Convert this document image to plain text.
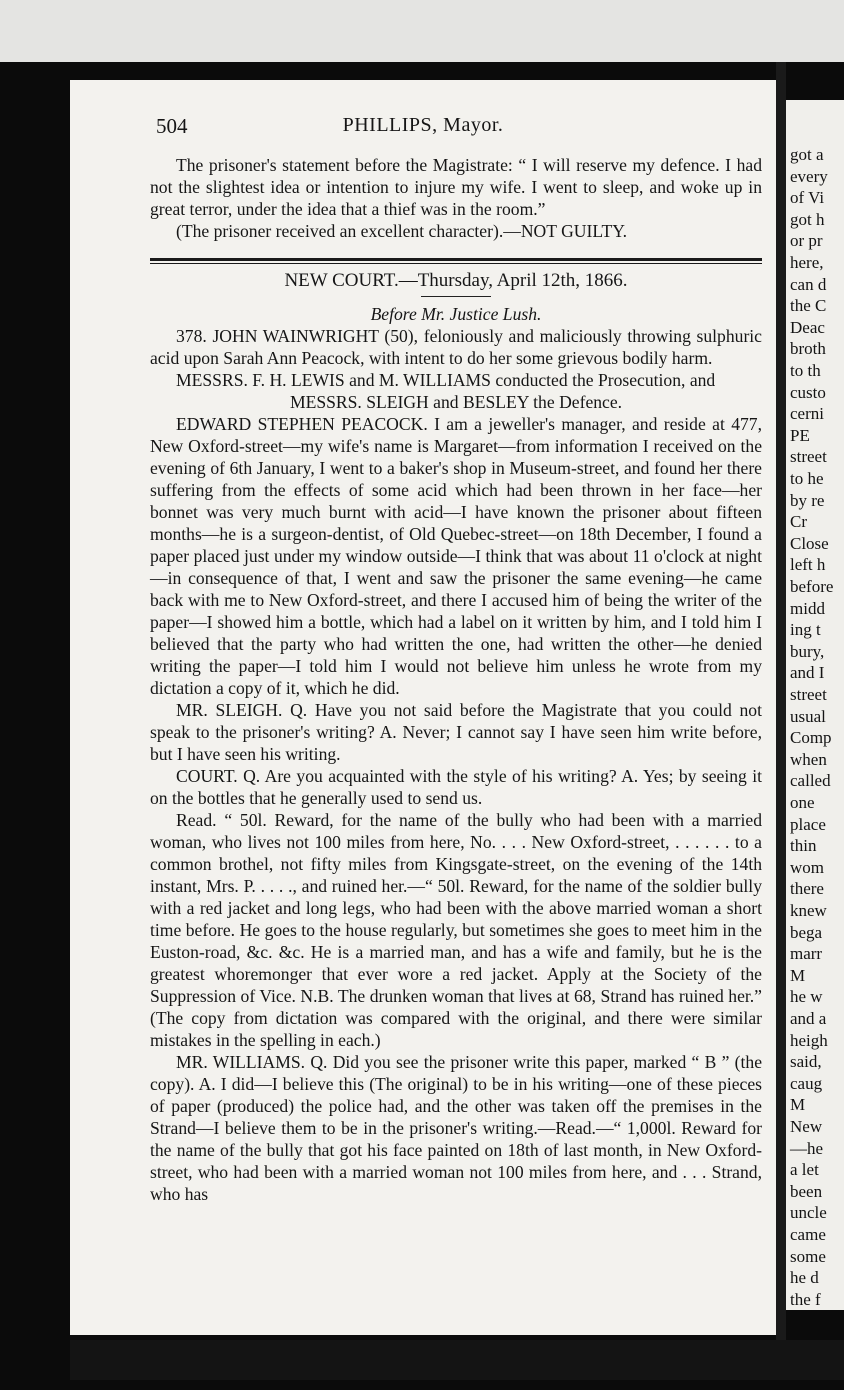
504	PHILLIPS, Mayor.

The prisoner's statement before the Magistrate: “ I will reserve my defence. I had not the slightest idea or intention to injure my wife. I went to sleep, and woke up in great terror, under the idea that a thief was in the room.”

(The prisoner received an excellent character).—NOT GUILTY.

NEW COURT.—Thursday, April 12th, 1866.

Before Mr. Justice Lush.

378. JOHN WAINWRIGHT (50), feloniously and maliciously throwing sulphuric acid upon Sarah Ann Peacock, with intent to do her some grievous bodily harm.

MESSRS. F. H. LEWIS and M. WILLIAMS conducted the Prosecution, and

MESSRS. SLEIGH and BESLEY the Defence.

EDWARD STEPHEN PEACOCK. I am a jeweller's manager, and reside at 477, New Oxford-street—my wife's name is Margaret—from information I received on the evening of 6th January, I went to a baker's shop in Museum-street, and found her there suffering from the effects of some acid which had been thrown in her face—her bonnet was very much burnt with acid—I have known the prisoner about fifteen months—he is a surgeon-dentist, of Old Quebec-street—on 18th December, I found a paper placed just under my window outside—I think that was about 11 o'clock at night—in consequence of that, I went and saw the prisoner the same evening—he came back with me to New Oxford-street, and there I accused him of being the writer of the paper—I showed him a bottle, which had a label on it written by him, and I told him I believed that the party who had written the one, had written the other—he denied writing the paper—I told him I would not believe him unless he wrote from my dictation a copy of it, which he did.

MR. SLEIGH. Q. Have you not said before the Magistrate that you could not speak to the prisoner's writing? A. Never; I cannot say I have seen him write before, but I have seen his writing.

COURT. Q. Are you acquainted with the style of his writing? A. Yes; by seeing it on the bottles that he generally used to send us.

Read. “ 50l. Reward, for the name of the bully who had been with a married woman, who lives not 100 miles from here, No. . . . New Oxford-street, . . . . . . to a common brothel, not fifty miles from Kingsgate-street, on the evening of the 14th instant, Mrs. P. . . . ., and ruined her.—“ 50l. Reward, for the name of the soldier bully with a red jacket and long legs, who had been with the above married woman a short time before. He goes to the house regularly, but sometimes she goes to meet him in the Euston-road, &c. &c. He is a married man, and has a wife and family, but he is the greatest whoremonger that ever wore a red jacket. Apply at the Society of the Suppression of Vice. N.B. The drunken woman that lives at 68, Strand has ruined her.” (The copy from dictation was compared with the original, and there were similar mistakes in the spelling in each.)

MR. WILLIAMS. Q. Did you see the prisoner write this paper, marked “ B ” (the copy). A. I did—I believe this (The original) to be in his writing—one of these pieces of paper (produced) the police had, and the other was taken off the premises in the Strand—I believe them to be in the prisoner's writing.—Read.—“ 1,000l. Reward for the name of the bully that got his face painted on 18th of last month, in New Oxford-street, who had been with a married woman not 100 miles from here, and . . . Strand, who has

got a
every
of Vi
got h
or pr
here,
can d
the C
Deac
broth
to th
custo
cerni
PE
street
to he
by re
Cr
Close
left h
before
midd
ing t
bury,
and I
street
usual
Comp
when
called
one
place
thin
wom
there
knew
bega
marr
M
he w
and a
heigh
said,
caug
M
New
—he
a let
been
uncle
came
some
he d
the f
